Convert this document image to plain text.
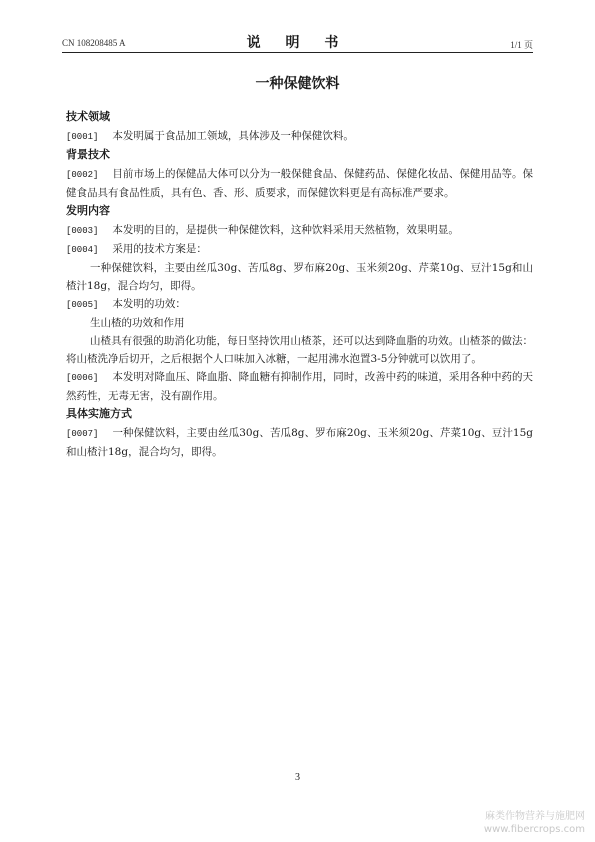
CN 108208485 A	说 明 书	1/1 页
一种保健饮料
技术领域
[0001] 本发明属于食品加工领域，具体涉及一种保健饮料。
背景技术
[0002] 目前市场上的保健品大体可以分为一般保健食品、保健药品、保健化妆品、保健用品等。保健食品具有食品性质，具有色、香、形、质要求，而保健饮料更是有高标准严要求。
发明内容
[0003] 本发明的目的，是提供一种保健饮料，这种饮料采用天然植物，效果明显。
[0004] 采用的技术方案是：
一种保健饮料，主要由丝瓜30g、苦瓜8g、罗布麻20g、玉米须20g、芹菜10g、豆汁15g和山楂汁18g，混合均匀，即得。
[0005] 本发明的功效：
生山楂的功效和作用
山楂具有很强的助消化功能，每日坚持饮用山楂茶，还可以达到降血脂的功效。山楂茶的做法：将山楂洗净后切开，之后根据个人口味加入冰糖，一起用沸水泡置3-5分钟就可以饮用了。
[0006] 本发明对降血压、降血脂、降血糖有抑制作用，同时，改善中药的味道，采用各种中药的天然药性，无毒无害，没有副作用。
具体实施方式
[0007] 一种保健饮料，主要由丝瓜30g、苦瓜8g、罗布麻20g、玉米须20g、芹菜10g、豆汁15g和山楂汁18g，混合均匀，即得。
3
麻类作物营养与施肥网
www.fibercrops.com
